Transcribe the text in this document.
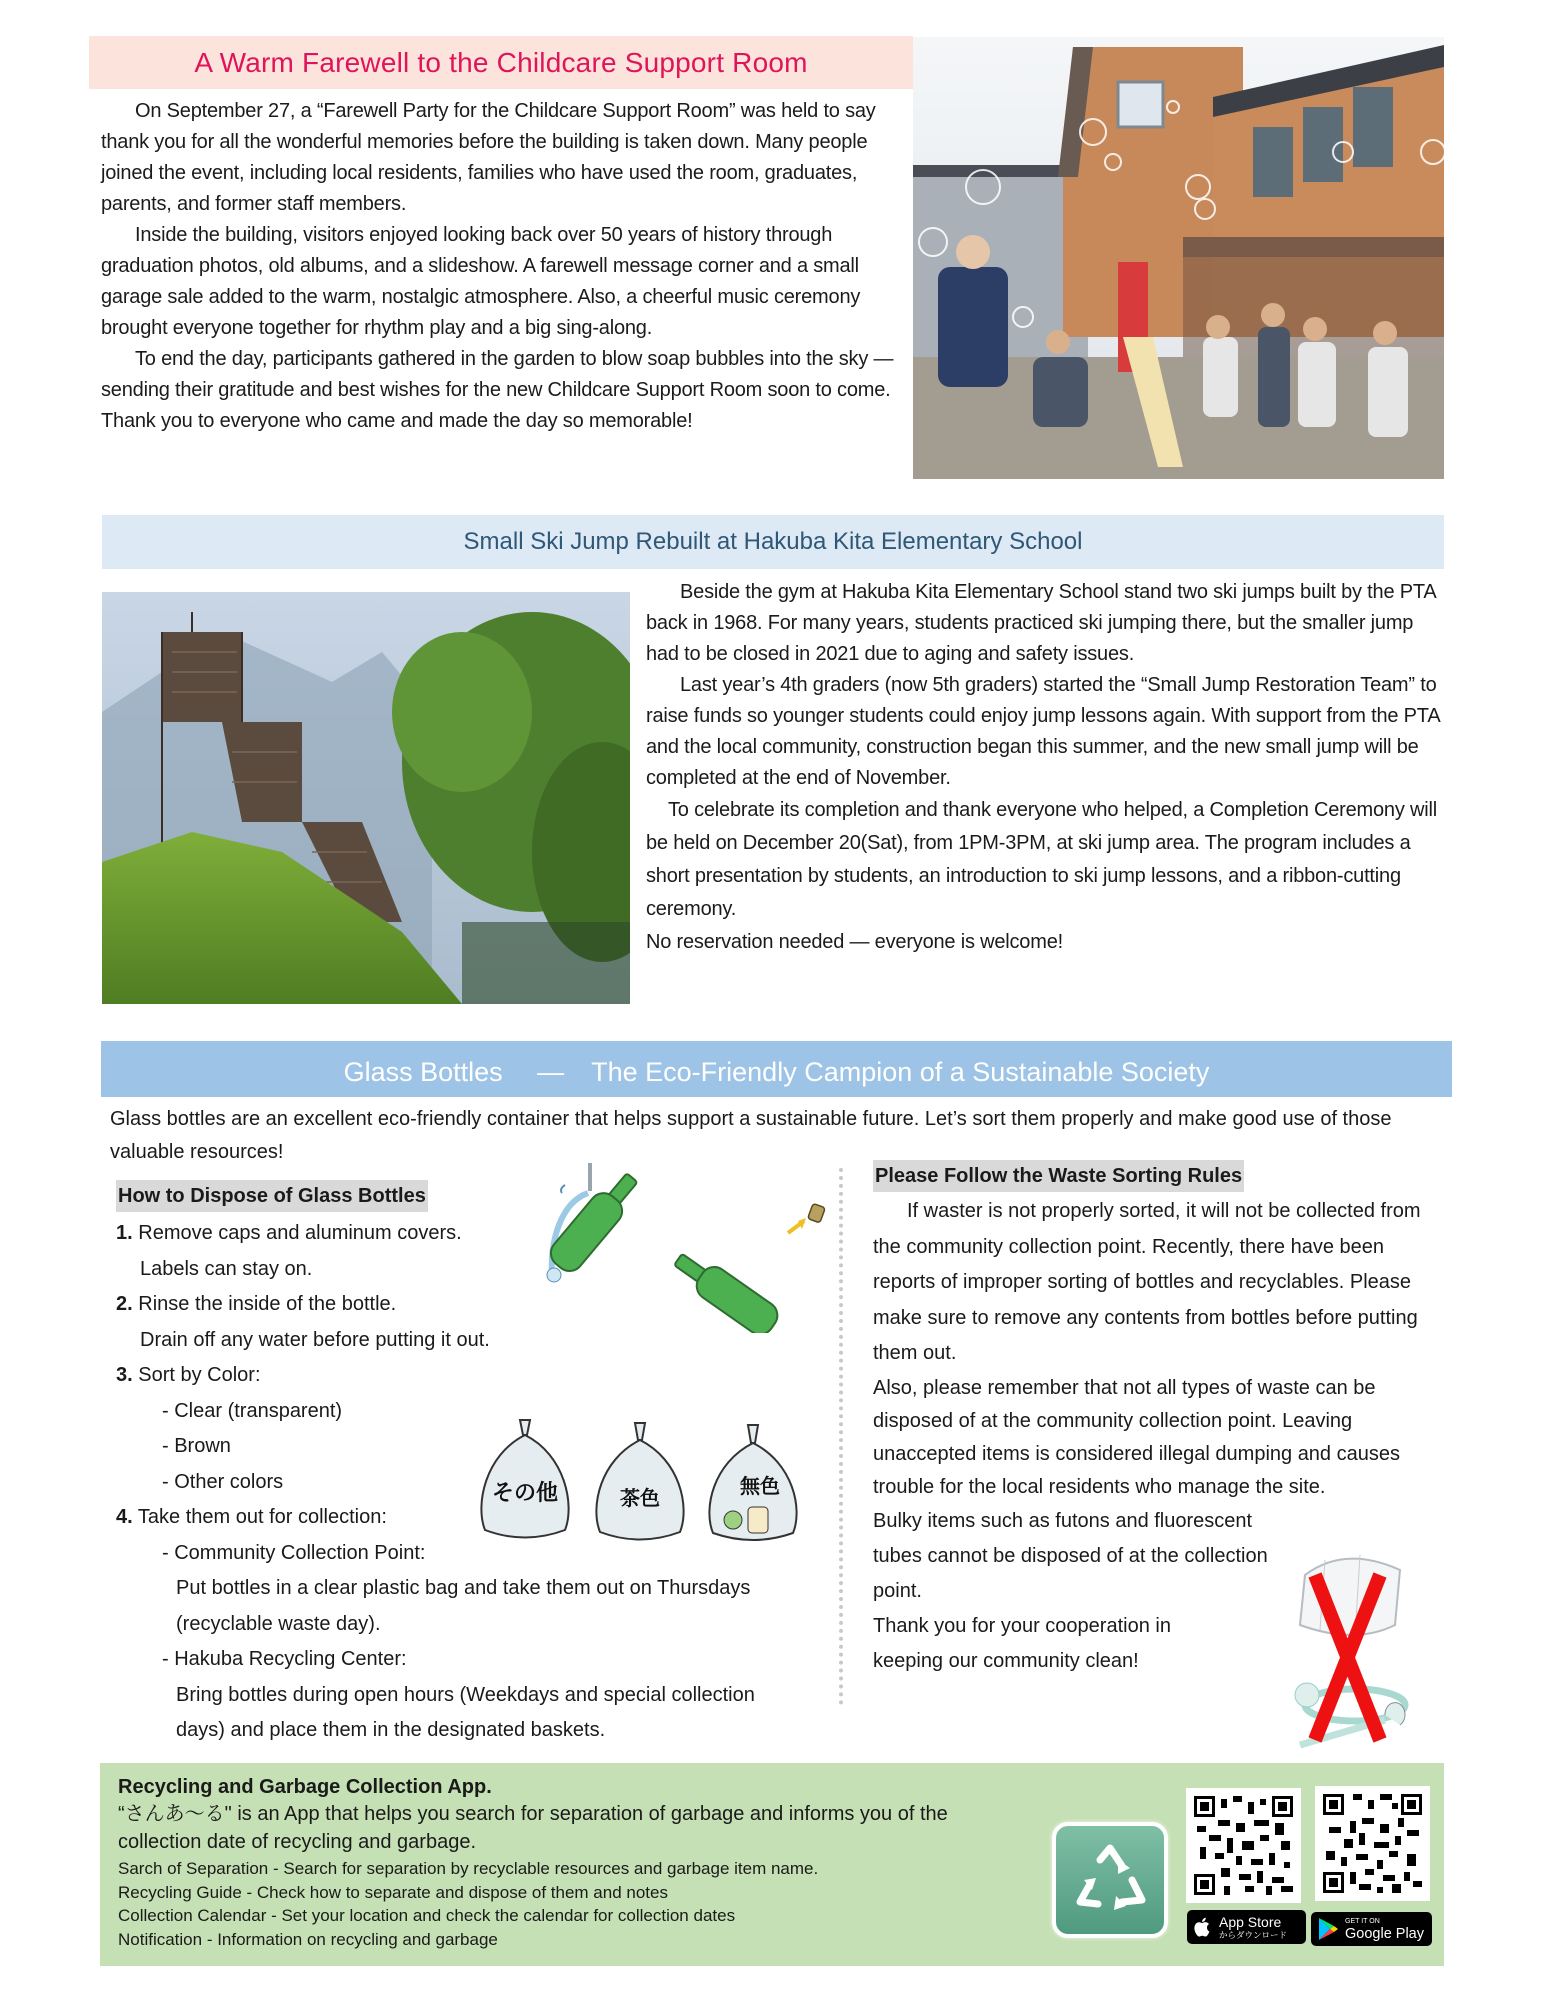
A Warm Farewell to the Childcare Support Room

On September 27, a “Farewell Party for the Childcare Support Room” was held to say thank you for all the wonderful memories before the building is taken down. Many people joined the event, including local residents, families who have used the room, graduates, parents, and former staff members.

Inside the building, visitors enjoyed looking back over 50 years of history through graduation photos, old albums, and a slideshow. A farewell message corner and a small garage sale added to the warm, nostalgic atmosphere. Also, a cheerful music ceremony brought everyone together for rhythm play and a big sing-along.

To end the day, participants gathered in the garden to blow soap bubbles into the sky — sending their gratitude and best wishes for the new Childcare Support Room soon to come.

Thank you to everyone who came and made the day so memorable!

Small Ski Jump Rebuilt at Hakuba Kita Elementary School

Beside the gym at Hakuba Kita Elementary School stand two ski jumps built by the PTA back in 1968. For many years, students practiced ski jumping there, but the smaller jump had to be closed in 2021 due to aging and safety issues.

Last year’s 4th graders (now 5th graders) started the “Small Jump Restoration Team” to raise funds so younger students could enjoy jump lessons again. With support from the PTA and the local community, construction began this summer, and the new small jump will be completed at the end of November.

To celebrate its completion and thank everyone who helped, a Completion Ceremony will be held on December 20(Sat), from 1PM-3PM, at ski jump area. The program includes a short presentation by students, an introduction to ski jump lessons, and a ribbon-cutting ceremony.

No reservation needed — everyone is welcome!

Glass Bottles 　―　The Eco-Friendly Campion of a Sustainable Society

Glass bottles are an excellent eco-friendly container that helps support a sustainable future. Let’s sort them properly and make good use of those valuable resources!

How to Dispose of Glass Bottles
1. Remove caps and aluminum covers.
Labels can stay on.
2. Rinse the inside of the bottle.
Drain off any water before putting it out.
3. Sort by Color:
- Clear (transparent)
- Brown
- Other colors
4. Take them out for collection:
- Community Collection Point:
Put bottles in a clear plastic bag and take them out on Thursdays
(recyclable waste day).
- Hakuba Recycling Center:
Bring bottles during open hours (Weekdays and special collection
days) and place them in the designated baskets.
その他	茶色
無色
Please Follow the Waste Sorting Rules

If waster is not properly sorted, it will not be collected from the community collection point. Recently, there have been reports of improper sorting of bottles and recyclables. Please make sure to remove any contents from bottles before putting them out.

Also, please remember that not all types of waste can be disposed of at the community collection point. Leaving unaccepted items is considered illegal dumping and causes trouble for the local residents who manage the site.

Bulky items such as futons and fluorescent tubes cannot be disposed of at the collection point.

Thank you for your cooperation in keeping our community clean!

Recycling and Garbage Collection App.
“さんあ～る" is an App that helps you search for separation of garbage and informs you of the collection date of recycling and garbage.
Sarch of Separation - Search for separation by recyclable resources and garbage item name.
Recycling Guide - Check how to separate and dispose of them and notes
Collection Calendar - Set your location and check the calendar for collection dates
Notification - Information on recycling and garbage
App Store
からダウンロード
GET IT ON
Google Play
